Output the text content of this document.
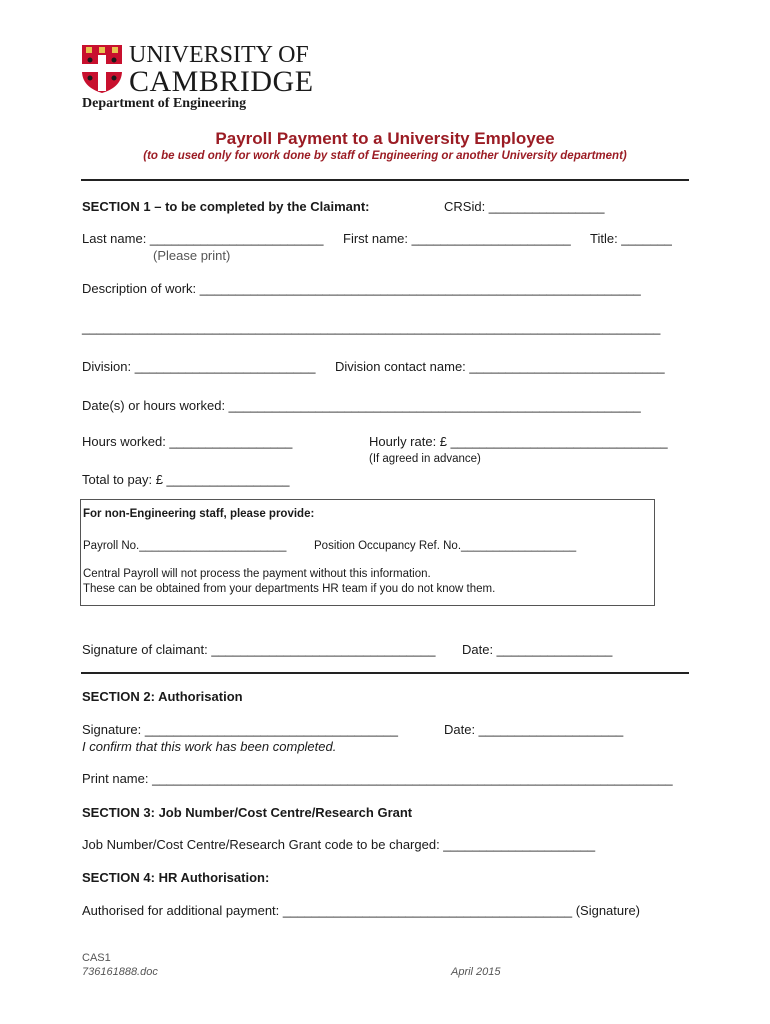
UNIVERSITY OF
CAMBRIDGE
Department of Engineering
Payroll Payment to a University Employee
(to be used only for work done by staff of Engineering or another University department)
SECTION 1 – to be completed by the Claimant:	CRSid: ________________
Last name: ________________________ First name: ______________________ Title: _______
(Please print)
Description of work: _____________________________________________________________
________________________________________________________________________________
Division: _________________________ Division contact name: ___________________________
Date(s) or hours worked: _________________________________________________________
Hours worked: _________________	Hourly rate: £ ______________________________
(If agreed in advance)
Total to pay: £ _________________
For non-Engineering staff, please provide:
Payroll No._______________________ Position Occupancy Ref. No.__________________
Central Payroll will not process the payment without this information.
These can be obtained from your departments HR team if you do not know them.
Signature of claimant: _______________________________ Date: ________________
SECTION 2: Authorisation
Signature: ___________________________________	Date: ____________________
I confirm that this work has been completed.
Print name: ________________________________________________________________________
SECTION 3: Job Number/Cost Centre/Research Grant
Job Number/Cost Centre/Research Grant code to be charged: _____________________
SECTION 4: HR Authorisation:
Authorised for additional payment: ________________________________________ (Signature)
CAS1
736161888.doc	April 2015
